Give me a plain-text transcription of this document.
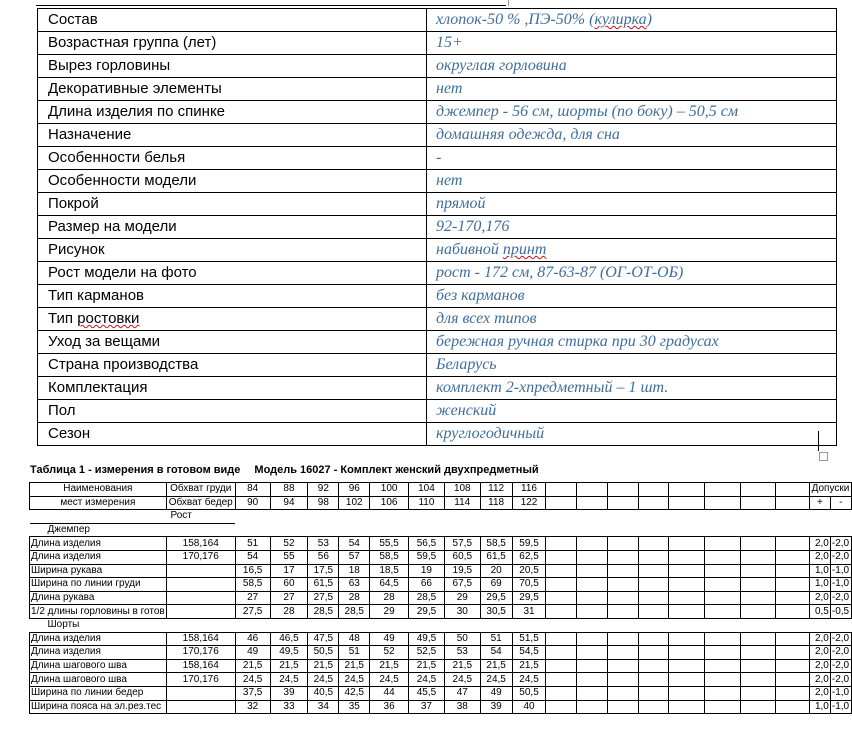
Состав	хлопок-50 % ,ПЭ-50% (кулирка)
Возрастная группа (лет)	15+
Вырез горловины	округлая горловина
Декоративные элементы	нет
Длина изделия по спинке	джемпер - 56 см, шорты (по боку) – 50,5 см
Назначение	домашняя одежда, для сна
Особенности белья	-
Особенности модели	нет
Покрой	прямой
Размер на модели	92-170,176
Рисунок	набивной принт
Рост модели на фото	рост - 172 см, 87-63-87 (ОГ-ОТ-ОБ)
Тип карманов	без карманов
Тип ростовки	для всех типов
Уход за вещами	бережная ручная стирка при 30 градусах
Страна производства	Беларусь
Комплектация	комплект 2-хпредметный – 1 шт.
Пол	женский
Сезон	круглогодичный
Таблица 1 - измерения в готовом виде Модель 16027 - Комплект женский двухпредметный
Наименования	Обхват груди	84	88	92	96	100	104	108	112	116									Допуски	
мест измерения	Обхват бедер	90	94	98	102	106	110	114	118	122									+	-
Рост																				
Джемпер																				
Длина изделия	158,164	51	52	53	54	55,5	56,5	57,5	58,5	59,5									2,0	-2,0
Длина изделия	170,176	54	55	56	57	58,5	59,5	60,5	61,5	62,5									2,0	-2,0
Ширина рукава		16,5	17	17,5	18	18,5	19	19,5	20	20,5									1,0	-1,0
Ширина по линии груди		58,5	60	61,5	63	64,5	66	67,5	69	70,5									1,0	-1,0
Длина рукава		27	27	27,5	28	28	28,5	29	29,5	29,5									2,0	-2,0
1/2 длины горловины в готов		27,5	28	28,5	28,5	29	29,5	30	30,5	31									0,5	-0,5
Шорты																				
Длина изделия	158,164	46	46,5	47,5	48	49	49,5	50	51	51,5									2,0	-2,0
Длина изделия	170,176	49	49,5	50,5	51	52	52,5	53	54	54,5									2,0	-2,0
Длина шагового шва	158,164	21,5	21,5	21,5	21,5	21,5	21,5	21,5	21,5	21,5									2,0	-2,0
Длина шагового шва	170,176	24,5	24,5	24,5	24,5	24,5	24,5	24,5	24,5	24,5									2,0	-2,0
Ширина по линии бедер		37,5	39	40,5	42,5	44	45,5	47	49	50,5									2,0	-1,0
Ширина пояса на эл.рез.тес		32	33	34	35	36	37	38	39	40									1,0	-1,0
